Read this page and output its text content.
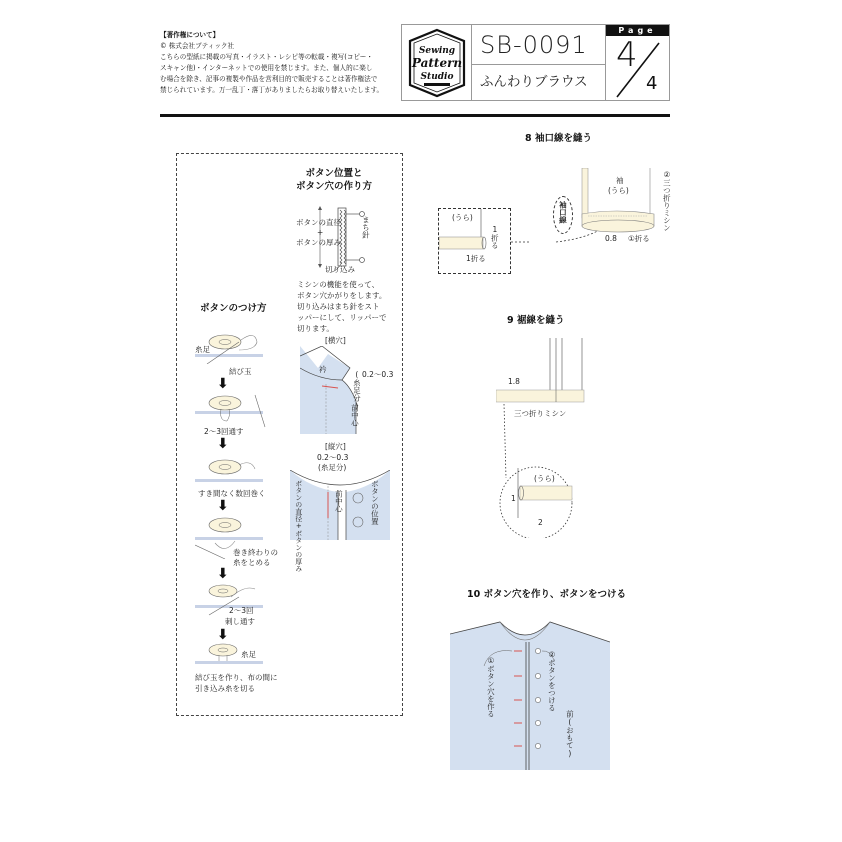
【著作権について】
© 株式会社ブティック社
こちらの型紙に掲載の写真・イラスト・レシピ等の転載・複写(コピー・
スキャン他)・インターネットでの使用を禁じます。また、個人的に楽し
む場合を除き、記事の複製や作品を営利目的で販売することは著作権法で
禁じられています。万一乱丁・落丁がありましたらお取り替えいたします。
Sewing
Pattern
Studio
SB-0091
ふんわりブラウス
Page
4
4
ボタン位置と
ボタン穴の作り方
ボタンの直径
+
ボタンの厚み
まち針
切り込み
ミシンの機能を使って、
ボタン穴かがりをします。
切り込みはまち針をスト
ッパーにして、リッパーで
切ります。
[横穴]
衿
0.2〜0.3
(糸足分)
前中心
[縦穴]
0.2〜0.3
(糸足分)
ボタンの直径+ボタンの厚み	前中心	ボタンの位置
ボタンのつけ方
糸足
結び玉
⬇
2〜3回通す
⬇
すき間なく数回巻く
⬇
巻き終わりの
糸をとめる
⬇
2〜3回
刺し通す
⬇
糸足
結び玉を作り、布の間に
引き込み糸を切る
8 袖口線を縫う
(うら)
1折る
1折る
袖
(うら)	②三つ折りミシン
袖口線
0.8 ①折る
9 裾線を縫う
1.8
三つ折りミシン
(うら)
1
2
10 ボタン穴を作り、ボタンをつける
①ボタン穴を作る	②ボタンをつける
前(おもて)
